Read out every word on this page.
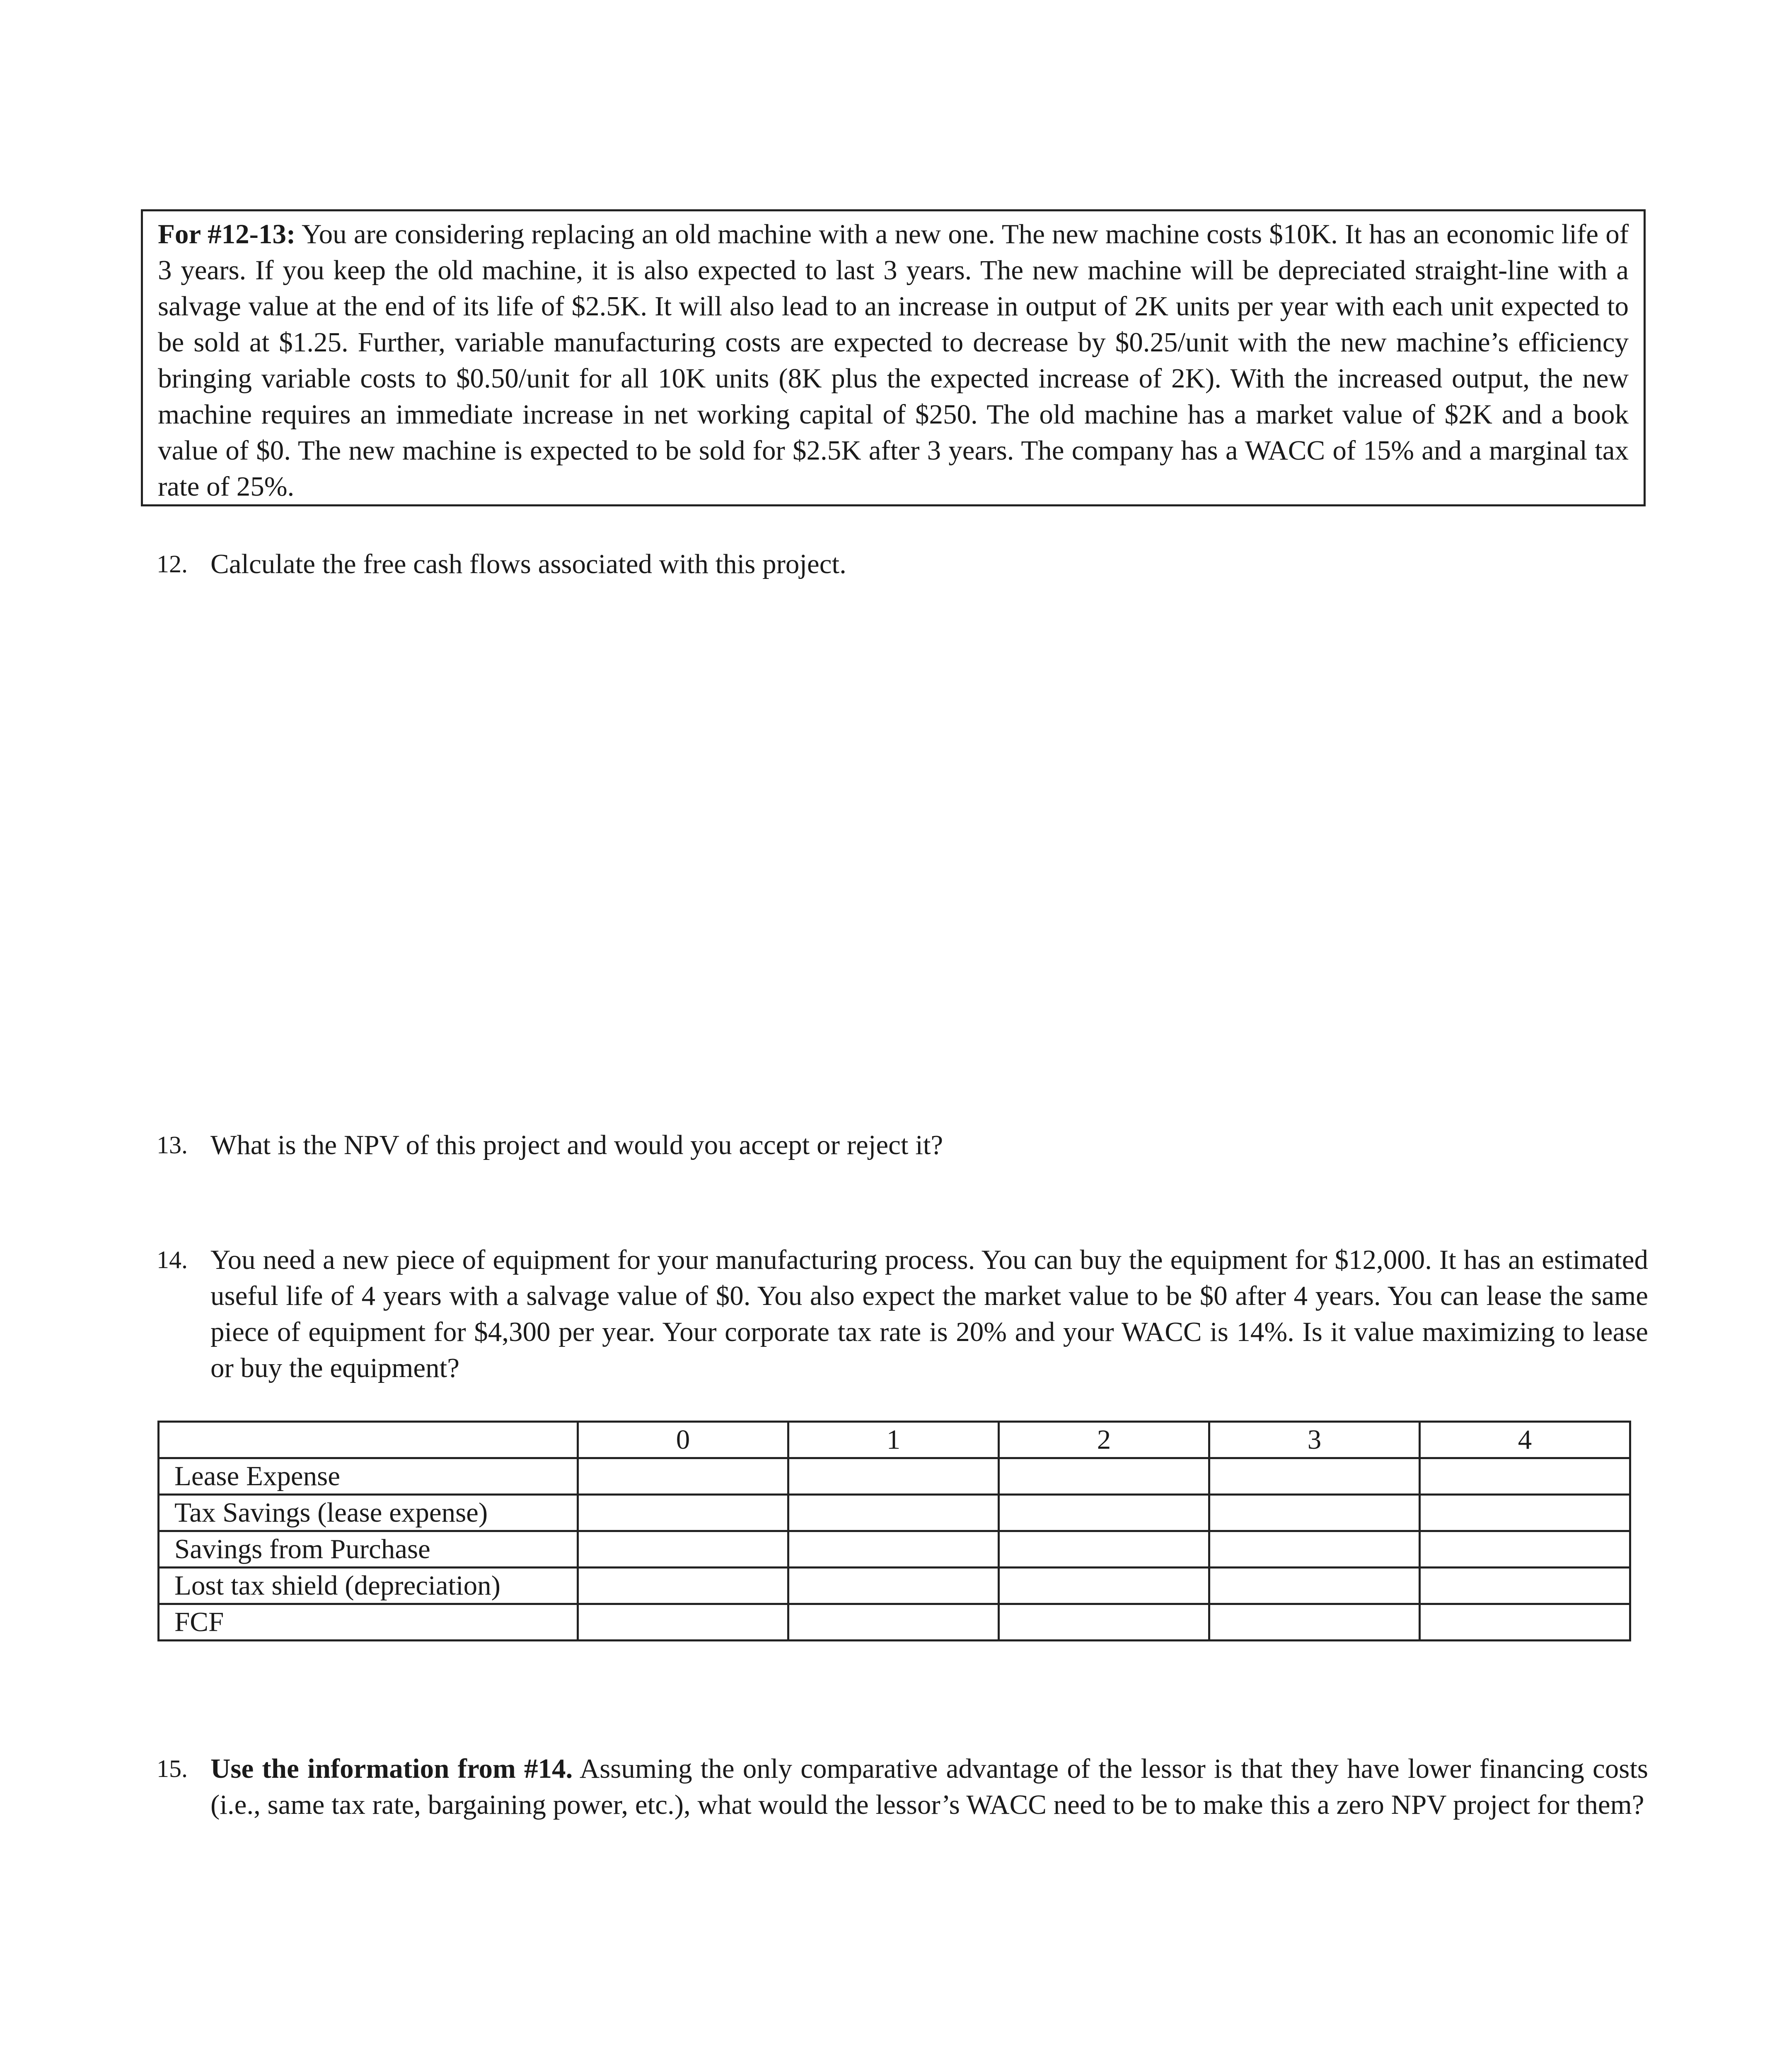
For #12-13: You are considering replacing an old machine with a new one. The new machine costs $10K. It has an economic life of 3 years. If you keep the old machine, it is also expected to last 3 years. The new machine will be depreciated straight-line with a salvage value at the end of its life of $2.5K. It will also lead to an increase in output of 2K units per year with each unit expected to be sold at $1.25. Further, variable manufacturing costs are expected to decrease by $0.25/unit with the new machine’s efficiency bringing variable costs to $0.50/unit for all 10K units (8K plus the expected increase of 2K). With the increased output, the new machine requires an immediate increase in net working capital of $250. The old machine has a market value of $2K and a book value of $0. The new machine is expected to be sold for $2.5K after 3 years. The company has a WACC of 15% and a marginal tax rate of 25%.
12. Calculate the free cash flows associated with this project.
13. What is the NPV of this project and would you accept or reject it?
14. You need a new piece of equipment for your manufacturing process. You can buy the equipment for $12,000. It has an estimated useful life of 4 years with a salvage value of $0. You also expect the market value to be $0 after 4 years. You can lease the same piece of equipment for $4,300 per year. Your corporate tax rate is 20% and your WACC is 14%. Is it value maximizing to lease or buy the equipment?
	0	1	2	3	4
Lease Expense					
Tax Savings (lease expense)					
Savings from Purchase					
Lost tax shield (depreciation)					
FCF					
15. Use the information from #14. Assuming the only comparative advantage of the lessor is that they have lower financing costs (i.e., same tax rate, bargaining power, etc.), what would the lessor’s WACC need to be to make this a zero NPV project for them?
